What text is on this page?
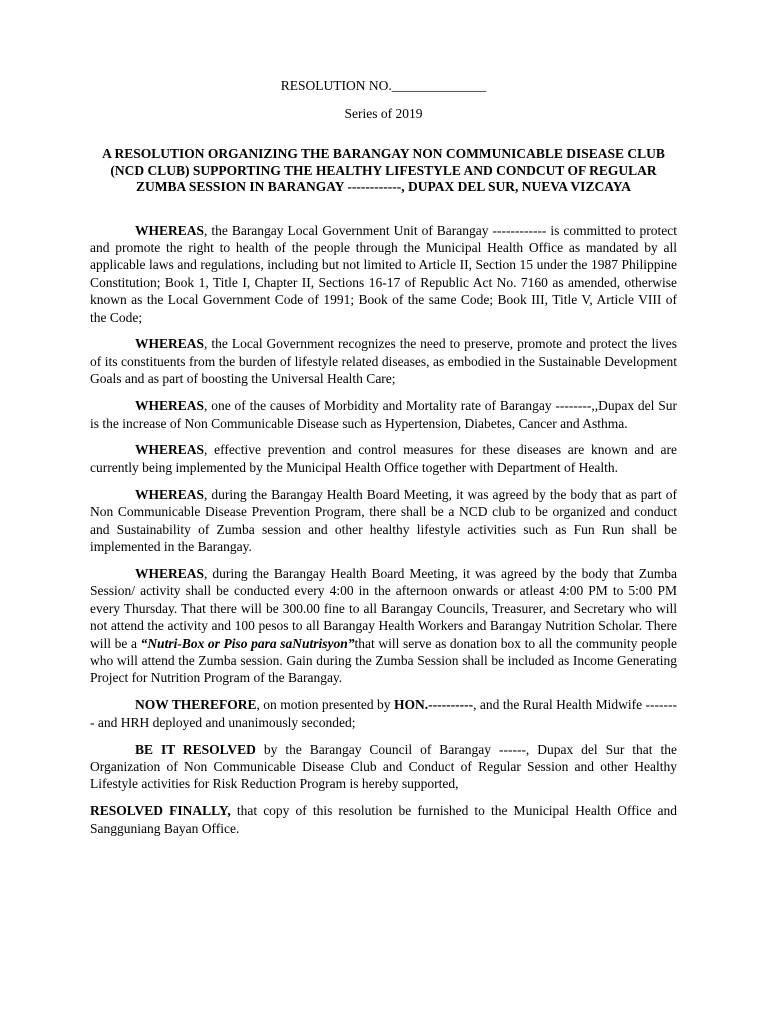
RESOLUTION NO.______________

Series of 2019

A RESOLUTION ORGANIZING THE BARANGAY NON COMMUNICABLE DISEASE CLUB
(NCD CLUB) SUPPORTING THE HEALTHY LIFESTYLE AND CONDCUT OF REGULAR ZUMBA SESSION IN BARANGAY ------------, DUPAX DEL SUR, NUEVA VIZCAYA

WHEREAS, the Barangay Local Government Unit of Barangay ------------ is committed to protect and promote the right to health of the people through the Municipal Health Office as mandated by all applicable laws and regulations, including but not limited to Article II, Section 15 under the 1987 Philippine Constitution; Book 1, Title I, Chapter II, Sections 16-17 of Republic Act No. 7160 as amended, otherwise known as the Local Government Code of 1991; Book of the same Code; Book III, Title V, Article VIII of the Code;

WHEREAS, the Local Government recognizes the need to preserve, promote and protect the lives of its constituents from the burden of lifestyle related diseases, as embodied in the Sustainable Development Goals and as part of boosting the Universal Health Care;

WHEREAS, one of the causes of Morbidity and Mortality rate of Barangay --------,,Dupax del Sur is the increase of Non Communicable Disease such as Hypertension, Diabetes, Cancer and Asthma.

WHEREAS, effective prevention and control measures for these diseases are known and are currently being implemented by the Municipal Health Office together with Department of Health.

WHEREAS, during the Barangay Health Board Meeting, it was agreed by the body that as part of Non Communicable Disease Prevention Program, there shall be a NCD club to be organized and conduct and Sustainability of Zumba session and other healthy lifestyle activities such as Fun Run shall be implemented in the Barangay.

WHEREAS, during the Barangay Health Board Meeting, it was agreed by the body that Zumba Session/ activity shall be conducted every 4:00 in the afternoon onwards or atleast 4:00 PM to 5:00 PM every Thursday. That there will be 300.00 fine to all Barangay Councils, Treasurer, and Secretary who will not attend the activity and 100 pesos to all Barangay Health Workers and Barangay Nutrition Scholar. There will be a “Nutri-Box or Piso para saNutrisyon”that will serve as donation box to all the community people who will attend the Zumba session. Gain during the Zumba Session shall be included as Income Generating Project for Nutrition Program of the Barangay.

NOW THEREFORE, on motion presented by HON.----------, and the Rural Health Midwife -------- and HRH deployed and unanimously seconded;

BE IT RESOLVED by the Barangay Council of Barangay ------, Dupax del Sur that the Organization of Non Communicable Disease Club and Conduct of Regular Session and other Healthy Lifestyle activities for Risk Reduction Program is hereby supported,

RESOLVED FINALLY, that copy of this resolution be furnished to the Municipal Health Office and Sangguniang Bayan Office.
